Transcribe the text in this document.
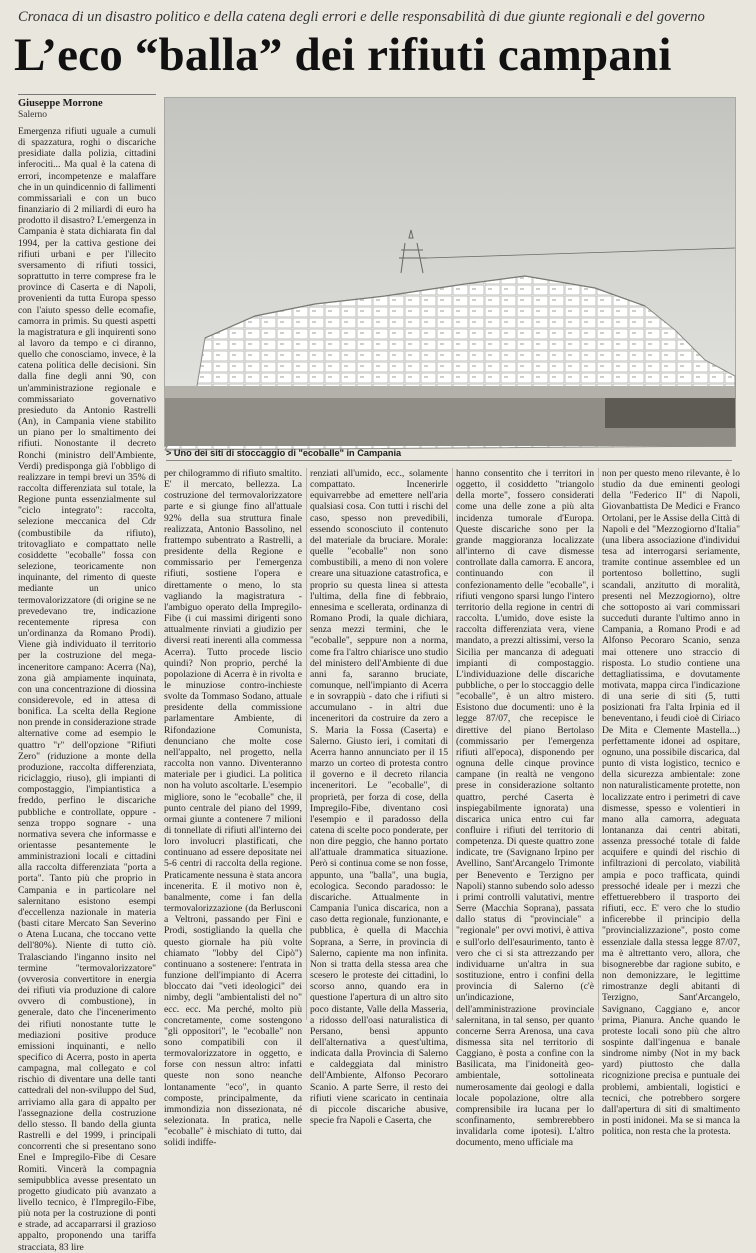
Cronaca di un disastro politico e della catena degli errori e delle responsabilità di due giunte regionali e del governo
L’eco “balla” dei rifiuti campani
Giuseppe Morrone
Salerno
> Uno dei siti di stoccaggio di "ecoballe" in Campania

Emergenza rifiuti uguale a cumuli di spazzatura, roghi o discariche presidiate dalla polizia, cittadini inferociti... Ma qual è la catena di errori, incompetenze e malaffare che in un quindicennio di fallimenti commissariali e con un buco finanziario di 2 miliardi di euro ha prodotto il disastro? L'emergenza in Campania è stata dichiarata fin dal 1994, per la cattiva gestione dei rifiuti urbani e per l'illecito sversamento di rifiuti tossici, soprattutto in terre comprese fra le province di Caserta e di Napoli, provenienti da tutta Europa spesso con l'aiuto spesso delle ecomafie, camorra in primis. Su questi aspetti la magistratura e gli inquirenti sono al lavoro da tempo e ci diranno, quello che conosciamo, invece, è la catena politica delle decisioni. Sin dalla fine degli anni '90, con un'amministrazione regionale e commissariato governativo presieduto da Antonio Rastrelli (An), in Campania viene stabilito un piano per lo smaltimento dei rifiuti. Nonostante il decreto Ronchi (ministro dell'Ambiente, Verdi) predisponga già l'obbligo di realizzare in tempi brevi un 35% di raccolta differenziata sul totale, la Regione punta essenzialmente sul "ciclo integrato": raccolta, selezione meccanica del Cdr (combustibile da rifiuto), tritovagliato e compattato nelle cosiddette "ecoballe" fossa con selezione, teoricamente non inquinante, del rimento di queste mediante un unico termovalorizzatore (di origine se ne prevedevano tre, indicazione recentemente ripresa con un'ordinanza da Romano Prodi). Viene già individuato il territorio per la costruzione del mega-inceneritore campano: Acerra (Na), zona già ampiamente inquinata, con una concentrazione di diossina considerevole, ed in attesa di bonifica. La scelta della Regione non prende in considerazione strade alternative come ad esempio le quattro "r" dell'opzione "Rifiuti Zero" (riduzione a monte della produzione, raccolta differenziata, riciclaggio, riuso), gli impianti di compostaggio, l'impiantistica a freddo, perfino le discariche pubbliche e controllate, oppure - senza troppo sognare - una normativa severa che informasse e orientasse pesantemente le amministrazioni locali e cittadini alla raccolta differenziata "porta a porta". Tanto più che proprio in Campania e in particolare nel salernitano esistono esempi d'eccellenza nazionale in materia (basti citare Mercato San Severino o Atena Lucana, che toccano vette dell'80%). Niente di tutto ciò. Tralasciando l'inganno insito nel termine "termovalorizzatore" (ovverosia convertitore in energia dei rifiuti via produzione di calore ovvero di combustione), in generale, dato che l'incenerimento dei rifiuti nonostante tutte le mediazioni positive produce emissioni inquinanti, e nello specifico di Acerra, posto in aperta campagna, mal collegato e col rischio di diventare una delle tanti cattedrali del non-sviluppo del Sud, arriviamo alla gara di appalto per l'assegnazione della costruzione dello stesso. Il bando della giunta Rastrelli e del 1999, i principali concorrenti che si presentano sono Enel e Impregilo-Fibe di Cesare Romiti. Vincerà la compagnia semipubblica avesse presentato un progetto giudicato più avanzato a livello tecnico, è l'Impregilo-Fibe, più nota per la costruzione di ponti e strade, ad accaparrarsi il grazioso appalto, proponendo una tariffa stracciata, 83 lire

per chilogrammo di rifiuto smaltito. E' il mercato, bellezza. La costruzione del termovalorizzatore parte e si giunge fino all'attuale 92% della sua struttura finale realizzata, Antonio Bassolino, nel frattempo subentrato a Rastrelli, a presidente della Regione e commissario per l'emergenza rifiuti, sostiene l'opera e direttamente o meno, lo sta vagliando la magistratura - l'ambiguo operato della Impregilo-Fibe (i cui massimi dirigenti sono attualmente rinviati a giudizio per diversi reati inerenti alla commessa Acerra). Tutto procede liscio quindi? Non proprio, perché la popolazione di Acerra è in rivolta e le minuziose contro-inchieste svolte da Tommaso Sodano, attuale presidente della commissione parlamentare Ambiente, di Rifondazione Comunista, denunciano che molte cose nell'appalto, nel progetto, nella raccolta non vanno. Diventeranno materiale per i giudici. La politica non ha voluto ascoltarle. L'esempio migliore, sono le "ecoballe" che, il punto centrale del piano del 1999, ormai giunte a contenere 7 milioni di tonnellate di rifiuti all'interno dei loro involucri plastificati, che continuano ad essere depositate nei 5-6 centri di raccolta della regione. Praticamente nessuna è stata ancora incenerita. E il motivo non è, banalmente, come i fan della termovalorizzazione (da Berlusconi a Veltroni, passando per Fini e Prodi, sostigliando la quella che questo giornale ha più volte chiamato "lobby del Cipò") continuano a sostenere: l'entrata in funzione dell'impianto di Acerra bloccato dai "veti ideologici" dei nimby, degli "ambientalisti del no" ecc. ecc. Ma perché, molto più concretamente, come sostengono "gli oppositori", le "ecoballe" non sono compatibili con il termovalorizzatore in oggetto, e forse con nessun altro: infatti queste non sono neanche lontanamente "eco", in quanto composte, principalmente, da immondizia non dissezionata, né selezionata. In pratica, nelle "ecoballe" è mischiato di tutto, dai solidi indiffe-

renziati all'umido, ecc., solamente compattato. Incenerirle equivarrebbe ad emettere nell'aria qualsiasi cosa. Con tutti i rischi del caso, spesso non prevedibili, essendo sconosciuto il contenuto del materiale da bruciare. Morale: quelle "ecoballe" non sono combustibili, a meno di non volere creare una situazione catastrofica, e proprio su questa linea si attesta l'ultima, della fine di febbraio, ennesima e scellerata, ordinanza di Romano Prodi, la quale dichiara, senza mezzi termini, che le "ecoballe", seppure non a norma, come fra l'altro chiarisce uno studio del ministero dell'Ambiente di due anni fa, saranno bruciate, comunque, nell'impianto di Acerra e in sovrappiù - dato che i rifiuti si accumulano - in altri due inceneritori da costruire da zero a S. Maria la Fossa (Caserta) e Salerno. Giusto ieri, i comitati di Acerra hanno annunciato per il 15 marzo un corteo di protesta contro il governo e il decreto rilancia inceneritori. Le "ecoballe", di proprietà, per forza di cose, della Impregilo-Fibe, diventano così l'esempio e il paradosso della catena di scelte poco ponderate, per non dire peggio, che hanno portato all'attuale drammatica situazione. Però si continua come se non fosse, appunto, una "balla", una bugia, ecologica. Secondo paradosso: le discariche. Attualmente in Campania l'unica discarica, non a caso detta regionale, funzionante, e pubblica, è quella di Macchia Soprana, a Serre, in provincia di Salerno, capiente ma non infinita. Non si tratta della stessa area che scesero le proteste dei cittadini, lo scorso anno, quando era in questione l'apertura di un altro sito poco distante, Valle della Masseria, a ridosso dell'oasi naturalistica di Persano, bensì appunto dell'alternativa a quest'ultima, indicata dalla Provincia di Salerno e caldeggiata dal ministro dell'Ambiente, Alfonso Pecoraro Scanio. A parte Serre, il resto dei rifiuti viene scaricato in centinaia di piccole discariche abusive, specie fra Napoli e Caserta, che

hanno consentito che i territori in oggetto, il cosiddetto "triangolo della morte", fossero considerati come una delle zone a più alta incidenza tumorale d'Europa. Queste discariche sono per la grande maggioranza localizzate all'interno di cave dismesse controllate dalla camorra. E ancora, continuando con il confezionamento delle "ecoballe", i rifiuti vengono sparsi lungo l'intero territorio della regione in centri di raccolta. L'umido, dove esiste la raccolta differenziata vera, viene mandato, a prezzi altissimi, verso la Sicilia per mancanza di adeguati impianti di compostaggio. L'individuazione delle discariche pubbliche, o per lo stoccaggio delle "ecoballe", è un altro mistero. Esistono due documenti: uno è la legge 87/07, che recepisce le direttive del piano Bertolaso (commissario per l'emergenza rifiuti all'epoca), disponendo per ognuna delle cinque province campane (in realtà ne vengono prese in considerazione soltanto quattro, perché Caserta è inspiegabilmente ignorata) una discarica unica entro cui far confluire i rifiuti del territorio di competenza. Di queste quattro zone indicate, tre (Savignano Irpino per Avellino, Sant'Arcangelo Trimonte per Benevento e Terzigno per Napoli) stanno subendo solo adesso i primi controlli valutativi, mentre Serre (Macchia Soprana), passata dallo status di "provinciale" a "regionale" per ovvi motivi, è attiva e sull'orlo dell'esaurimento, tanto è vero che ci si sta attrezzando per individuarne un'altra in sua sostituzione, entro i confini della provincia di Salerno (c'è un'indicazione, dell'amministrazione provinciale salernitana, in tal senso, per quanto concerne Serra Arenosa, una cava dismessa sita nel territorio di Caggiano, è posta a confine con la Basilicata, ma l'inidoneità geo-ambientale, sottolineata numerosamente dai geologi e dalla locale popolazione, oltre alla comprensibile ira lucana per lo sconfinamento, sembrerebbero invalidarla come ipotesi). L'altro documento, meno ufficiale ma

non per questo meno rilevante, è lo studio da due eminenti geologi della "Federico II" di Napoli, Giovanbattista De Medici e Franco Ortolani, per le Assise della Città di Napoli e del "Mezzogiorno d'Italia" (una libera associazione d'individui tesa ad interrogarsi seriamente, tramite continue assemblee ed un portentoso bollettino, sugli scandali, anzitutto di moralità, presenti nel Mezzogiorno), oltre che sottoposto ai vari commissari succeduti durante l'ultimo anno in Campania, a Romano Prodi e ad Alfonso Pecoraro Scanio, senza mai ottenere uno straccio di risposta. Lo studio contiene una dettagliatissima, e dovutamente motivata, mappa circa l'indicazione di una serie di siti (5, tutti posizionati fra l'alta Irpinia ed il beneventano, i feudi cioè di Ciriaco De Mita e Clemente Mastella...) perfettamente idonei ad ospitare, ognuno, una possibile discarica, dal punto di vista logistico, tecnico e della sicurezza ambientale: zone non naturalisticamente protette, non localizzate entro i perimetri di cave dismesse, spesso e volentieri in mano alla camorra, adeguata lontananza dai centri abitati, assenza pressoché totale di falde acquifere e quindi del rischio di infiltrazioni di percolato, viabilità ampia e poco trafficata, quindi pressoché ideale per i mezzi che effettuerebbero il trasporto dei rifiuti, ecc. E' vero che lo studio inficerebbe il principio della "provincializzazione", posto come essenziale dalla stessa legge 87/07, ma è altrettanto vero, allora, che bisognerebbe dar ragione subito, e non demonizzare, le legittime rimostranze degli abitanti di Terzigno, Sant'Arcangelo, Savignano, Caggiano e, ancor prima, Pianura. Anche quando le proteste locali sono più che altro sospinte dall'ingenua e banale sindrome nimby (Not in my back yard) piuttosto che dalla ricognizione precisa e puntuale dei problemi, ambientali, logistici e tecnici, che potrebbero sorgere dall'apertura di siti di smaltimento in posti inidonei. Ma se si manca la politica, non resta che la protesta.
